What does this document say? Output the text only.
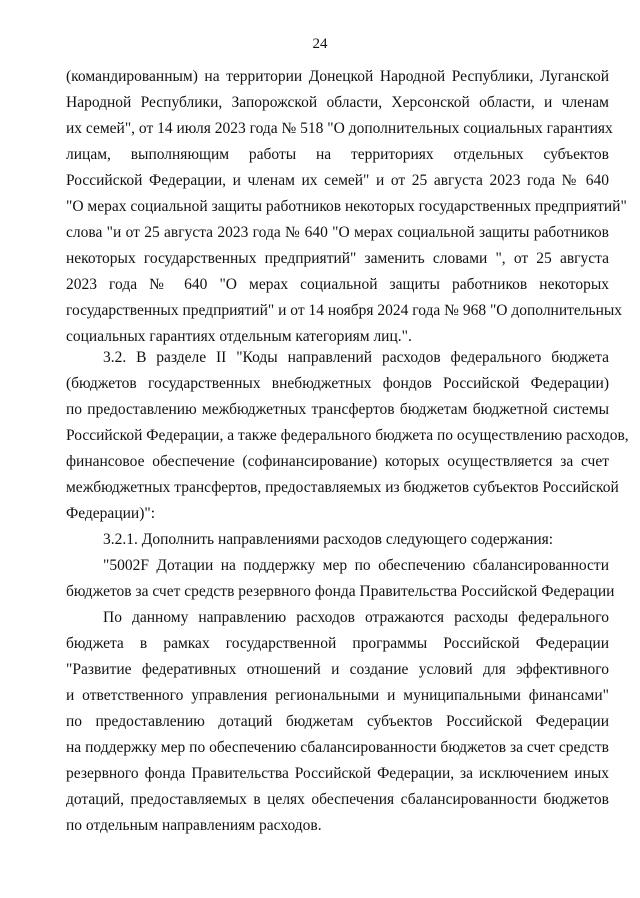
24
(командированным) на территории Донецкой Народной Республики, Луганской
Народной Республики, Запорожской области, Херсонской области, и членам
их семей", от 14 июля 2023 года № 518 "О дополнительных социальных гарантиях
лицам, выполняющим работы на территориях отдельных субъектов
Российской Федерации, и членам их семей" и от 25 августа 2023 года № 640
"О мерах социальной защиты работников некоторых государственных предприятий"
слова "и от 25 августа 2023 года № 640 "О мерах социальной защиты работников
некоторых государственных предприятий" заменить словами ", от 25 августа
2023 года № 640 "О мерах социальной защиты работников некоторых
государственных предприятий" и от 14 ноября 2024 года № 968 "О дополнительных
социальных гарантиях отдельным категориям лиц.".
3.2. В разделе II "Коды направлений расходов федерального бюджета
(бюджетов государственных внебюджетных фондов Российской Федерации)
по предоставлению межбюджетных трансфертов бюджетам бюджетной системы
Российской Федерации, а также федерального бюджета по осуществлению расходов,
финансовое обеспечение (софинансирование) которых осуществляется за счет
межбюджетных трансфертов, предоставляемых из бюджетов субъектов Российской
Федерации)":
3.2.1. Дополнить направлениями расходов следующего содержания:
"5002F Дотации на поддержку мер по обеспечению сбалансированности
бюджетов за счет средств резервного фонда Правительства Российской Федерации
По данному направлению расходов отражаются расходы федерального
бюджета в рамках государственной программы Российской Федерации
"Развитие федеративных отношений и создание условий для эффективного
и ответственного управления региональными и муниципальными финансами"
по предоставлению дотаций бюджетам субъектов Российской Федерации
на поддержку мер по обеспечению сбалансированности бюджетов за счет средств
резервного фонда Правительства Российской Федерации, за исключением иных
дотаций, предоставляемых в целях обеспечения сбалансированности бюджетов
по отдельным направлениям расходов.
